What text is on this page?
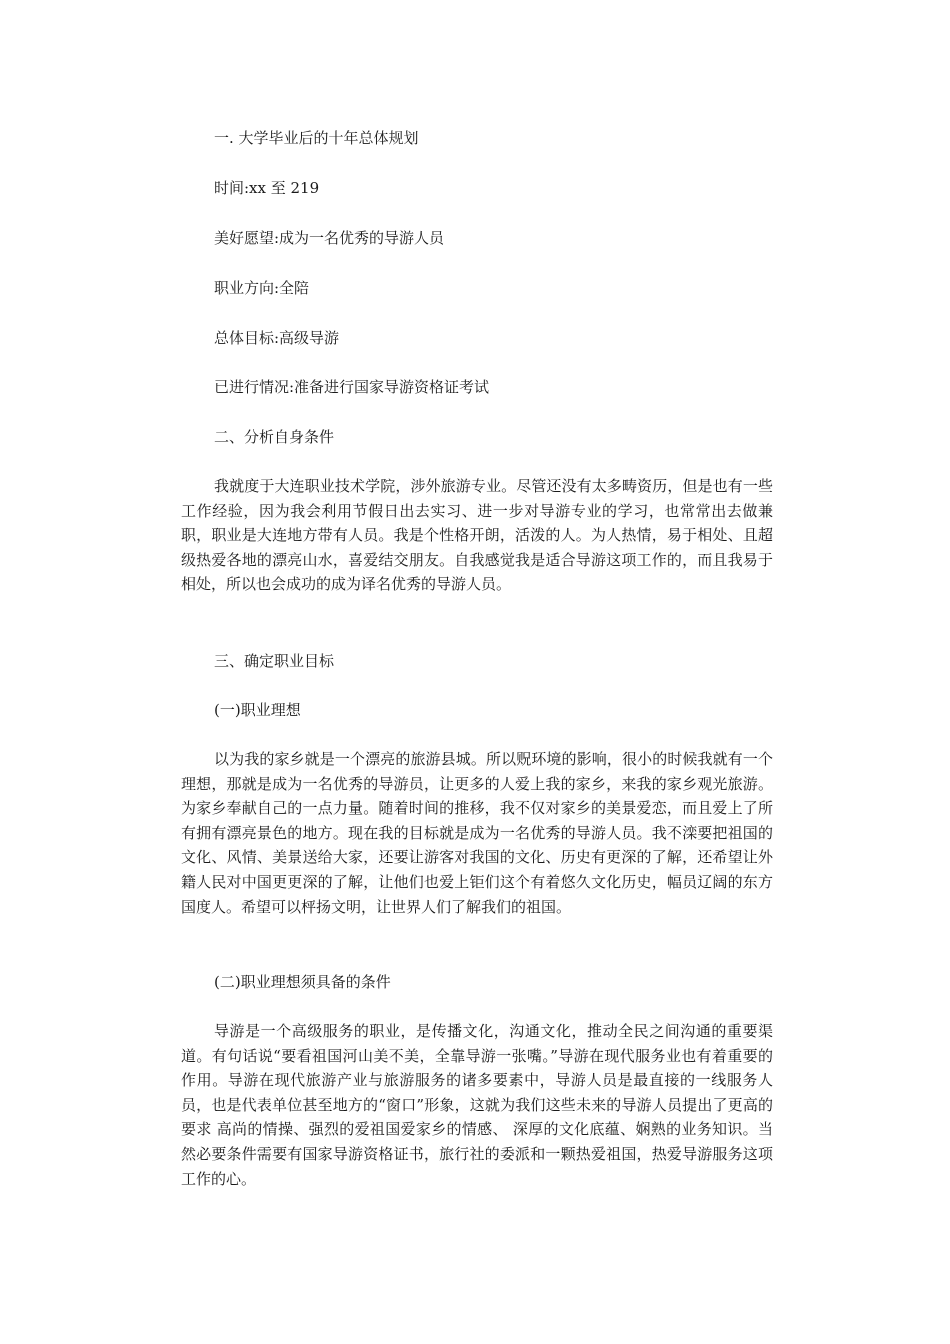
一. 大学毕业后的十年总体规划
时间:xx 至 219
美好愿望:成为一名优秀的导游人员
职业方向:全陪
总体目标:高级导游
已进行情况:准备进行国家导游资格证考试
二、分析自身条件
我就度于大连职业技术学院，涉外旅游专业。尽管还没有太多畴资历，但是也有一些工作经验，因为我会利用节假日出去实习、进一步对导游专业的学习，也常常出去做兼职，职业是大连地方带有人员。我是个性格开朗，活泼的人。为人热情，易于相处、且超级热爱各地的漂亮山水，喜爱结交朋友。自我感觉我是适合导游这项工作的，而且我易于相处，所以也会成功的成为译名优秀的导游人员。
三、确定职业目标
(一)职业理想
以为我的家乡就是一个漂亮的旅游县城。所以贶环境的影响，很小的时候我就有一个理想，那就是成为一名优秀的导游员，让更多的人爱上我的家乡，来我的家乡观光旅游。为家乡奉献自己的一点力量。随着时间的推移，我不仅对家乡的美景爱恋，而且爱上了所有拥有漂亮景色的地方。现在我的目标就是成为一名优秀的导游人员。我不滦要把祖国的文化、风情、美景送给大家，还要让游客对我国的文化、历史有更深的了解，还希望让外籍人民对中国更更深的了解，让他们也爱上钜们这个有着悠久文化历史，幅员辽阔的东方国度人。希望可以枰扬文明，让世界人们了解我们的祖国。
(二)职业理想须具备的条件
导游是一个高级服务的职业，是传播文化，沟通文化，推动全民之间沟通的重要渠道。有句话说“要看祖国河山美不美，全靠导游一张嘴。”导游在现代服务业也有着重要的作用。导游在现代旅游产业与旅游服务的诸多要素中，导游人员是最直接的一线服务人员，也是代表单位甚至地方的“窗口”形象，这就为我们这些未来的导游人员提出了更高的要求 高尚的情操、强烈的爱祖国爱家乡的情感、 深厚的文化底蕴、娴熟的业务知识。当然必要条件需要有国家导游资格证书，旅行社的委派和一颗热爱祖国，热爱导游服务这项工作的心。
